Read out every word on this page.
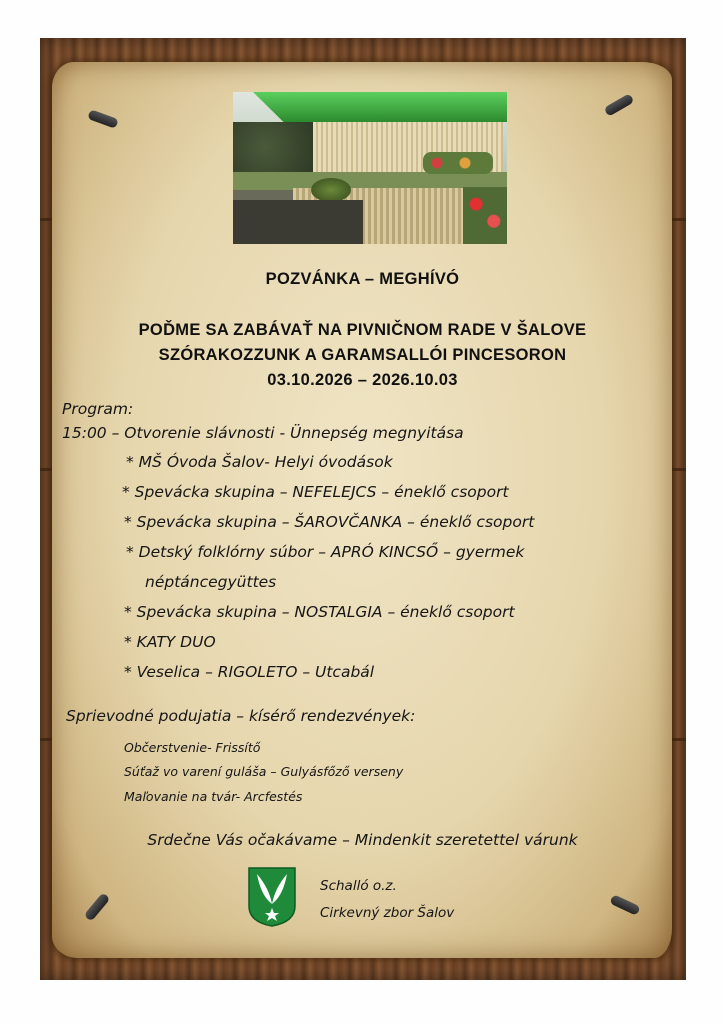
POZVÁNKA – MEGHÍVÓ
POĎME SA ZABÁVAŤ NA PIVNIČNOM RADE V ŠALOVE
SZÓRAKOZZUNK A GARAMSALLÓI PINCESORON
03.10.2026 – 2026.10.03
Program:
15:00 – Otvorenie slávnosti - Ünnepség megnyitása
* MŠ Óvoda Šalov- Helyi óvodások
* Spevácka skupina – NEFELEJCS – éneklő csoport
* Spevácka skupina – ŠAROVČANKA – éneklő csoport
* Detský folklórny súbor – APRÓ KINCSŐ – gyermek
néptáncegyüttes
* Spevácka skupina – NOSTALGIA – éneklő csoport
* KATY DUO
* Veselica – RIGOLETO – Utcabál
Sprievodné podujatia – kísérő rendezvények:
Občerstvenie- Frissítő
Súťaž vo varení guláša – Gulyásfőző verseny
Maľovanie na tvár- Arcfestés
Srdečne Vás očakávame – Mindenkit szeretettel várunk
Schalló o.z.
Cirkevný zbor Šalov
